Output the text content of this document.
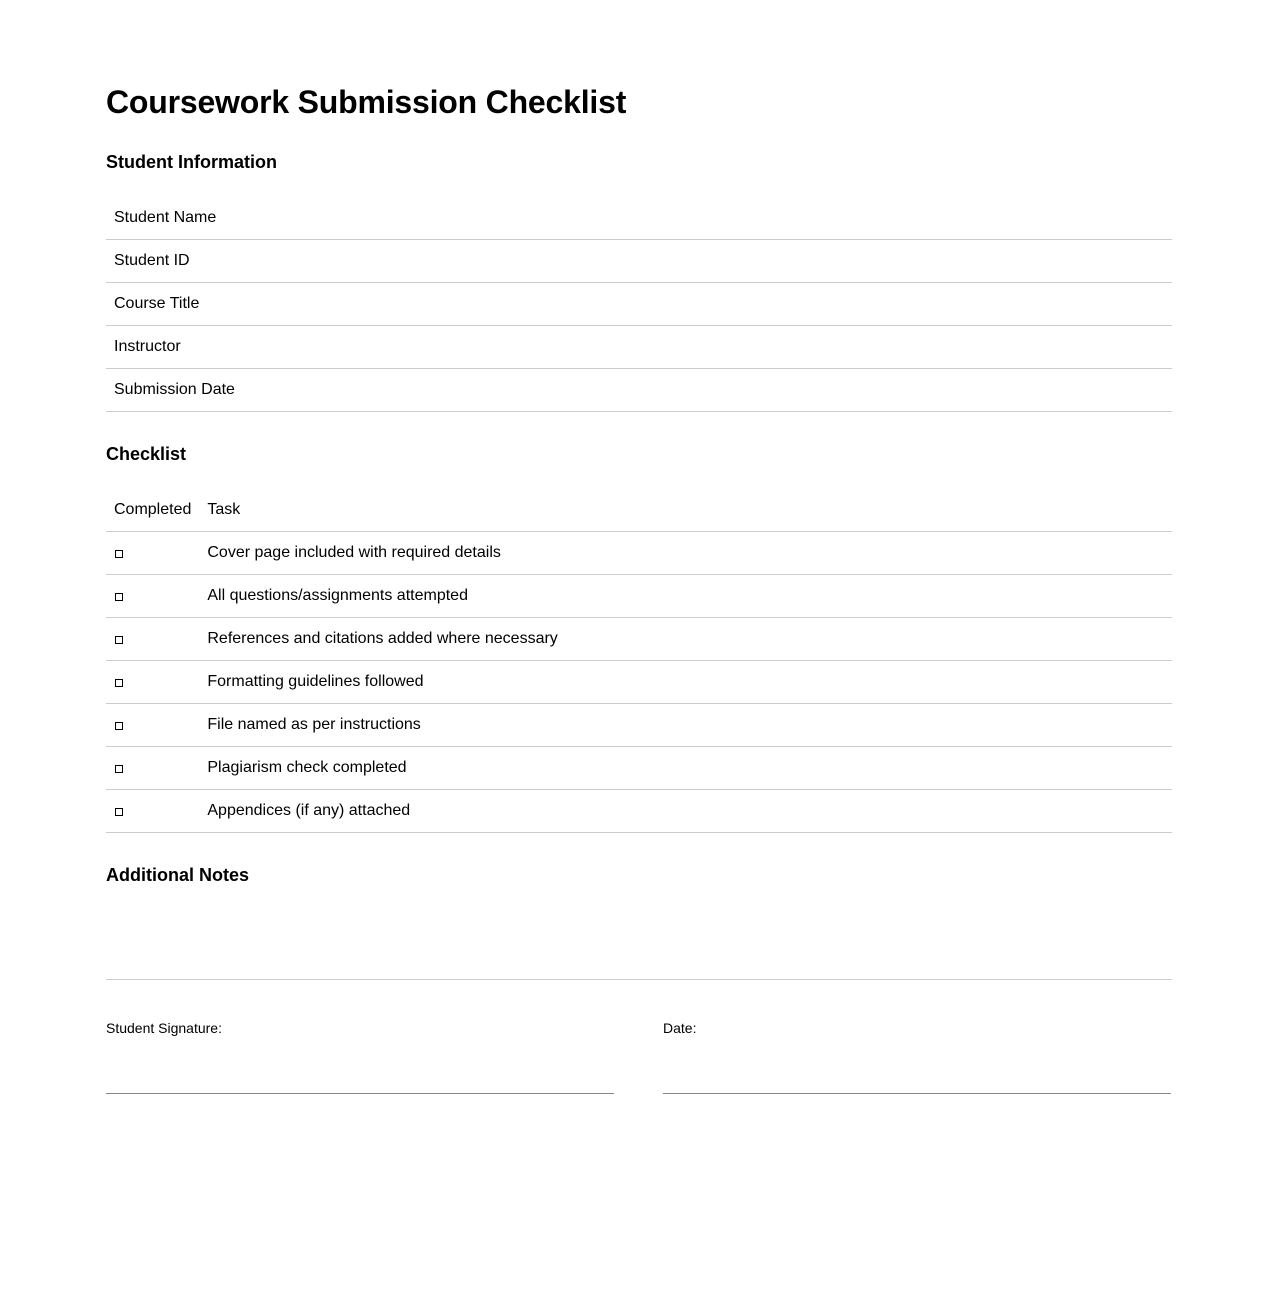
Coursework Submission Checklist
Student Information
Student Name	
Student ID	
Course Title	
Instructor	
Submission Date	
Checklist
Completed	Task
	Cover page included with required details
	All questions/assignments attempted
	References and citations added where necessary
	Formatting guidelines followed
	File named as per instructions
	Plagiarism check completed
	Appendices (if any) attached
Additional Notes
Student Signature:	Date:
